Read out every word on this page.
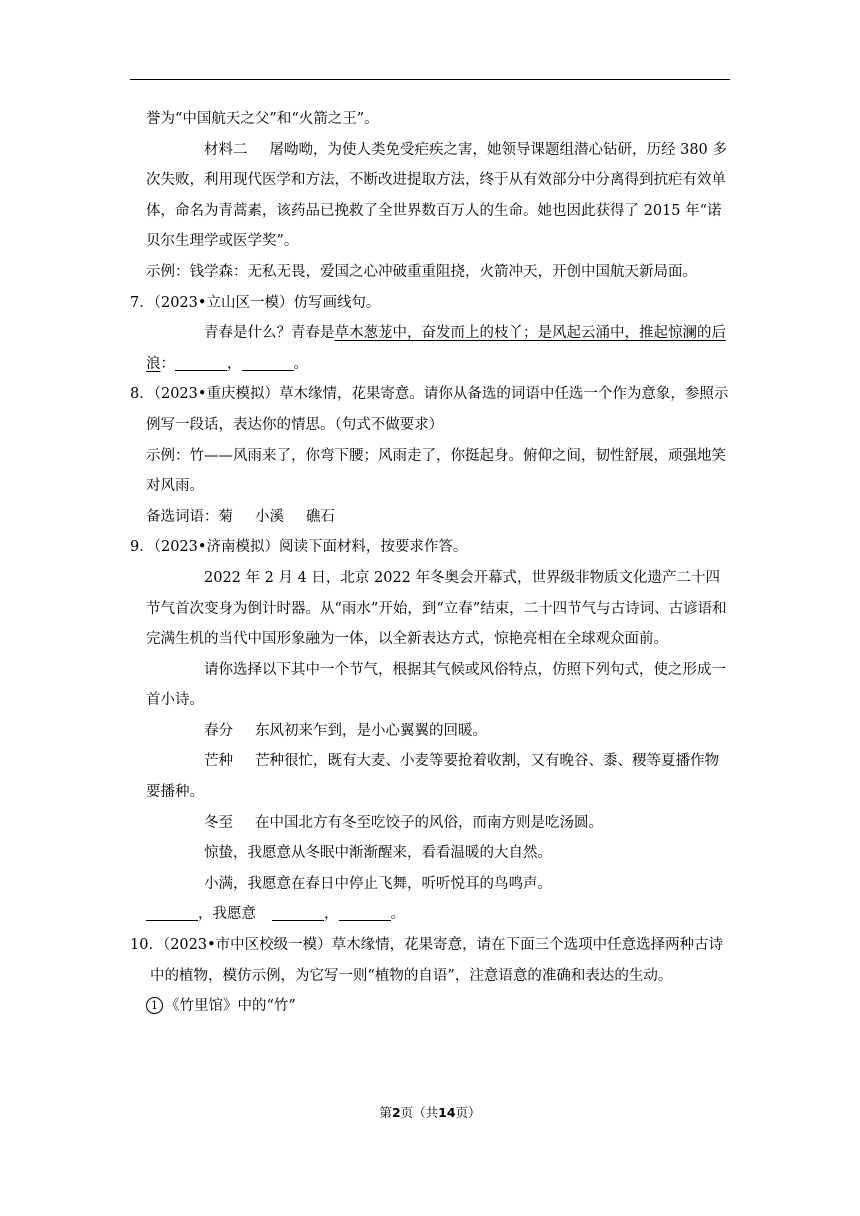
誉为“中国航天之父”和“火箭之王”。

材料二 屠呦呦，为使人类免受疟疾之害，她领导课题组潜心钻研，历经 380 多次失败，利用现代医学和方法，不断改进提取方法，终于从有效部分中分离得到抗疟有效单体，命名为青蒿素，该药品已挽救了全世界数百万人的生命。她也因此获得了 2015 年“诺贝尔生理学或医学奖”。

示例：钱学森：无私无畏，爱国之心冲破重重阻挠，火箭冲天，开创中国航天新局面。

7．（2023•立山区一模）仿写画线句。

青春是什么？青春是草木葱茏中，奋发而上的枝丫；是风起云涌中，推起惊澜的后浪：	，	。

8．（2023•重庆模拟）草木缘情，花果寄意。请你从备选的词语中任选一个作为意象，参照示例写一段话，表达你的情思。（句式不做要求）

示例：竹——风雨来了，你弯下腰；风雨走了，你挺起身。俯仰之间，韧性舒展，顽强地笑对风雨。

备选词语：菊 小溪 礁石

9．（2023•济南模拟）阅读下面材料，按要求作答。

2022 年 2 月 4 日，北京 2022 年冬奥会开幕式，世界级非物质文化遗产二十四节气首次变身为倒计时器。从“雨水”开始，到“立春”结束，二十四节气与古诗词、古谚语和完满生机的当代中国形象融为一体，以全新表达方式，惊艳亮相在全球观众面前。

请你选择以下其中一个节气，根据其气候或风俗特点，仿照下列句式，使之形成一首小诗。

春分 东风初来乍到，是小心翼翼的回暖。

芒种 芒种很忙，既有大麦、小麦等要抢着收割，又有晚谷、黍、稷等夏播作物要播种。

冬至 在中国北方有冬至吃饺子的风俗，而南方则是吃汤圆。

惊蛰，我愿意从冬眠中渐渐醒来，看看温暖的大自然。

小满，我愿意在春日中停止飞舞，听听悦耳的鸟鸣声。

，我愿意	，	。

10．（2023•市中区校级一模）草木缘情，花果寄意，请在下面三个选项中任意选择两种古诗中的植物，模仿示例，为它写一则“植物的自语”，注意语意的准确和表达的生动。

1 《竹里馆》中的“竹”

第2页（共14页）
